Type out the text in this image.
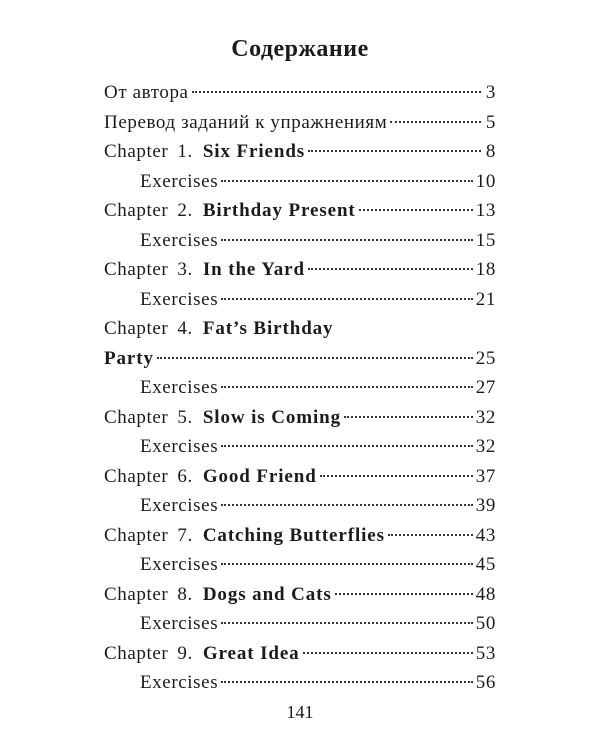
Содержание
От автора	3
Перевод заданий к упражнениям	5
Chapter 1. Six Friends	8
Exercises	10
Chapter 2. Birthday Present	13
Exercises	15
Chapter 3. In the Yard	18
Exercises	21
Chapter 4. Fat’s Birthday
Party	25
Exercises	27
Chapter 5. Slow is Coming	32
Exercises	32
Chapter 6. Good Friend	37
Exercises	39
Chapter 7. Catching Butterflies	43
Exercises	45
Chapter 8. Dogs and Cats	48
Exercises	50
Chapter 9. Great Idea	53
Exercises	56
141
